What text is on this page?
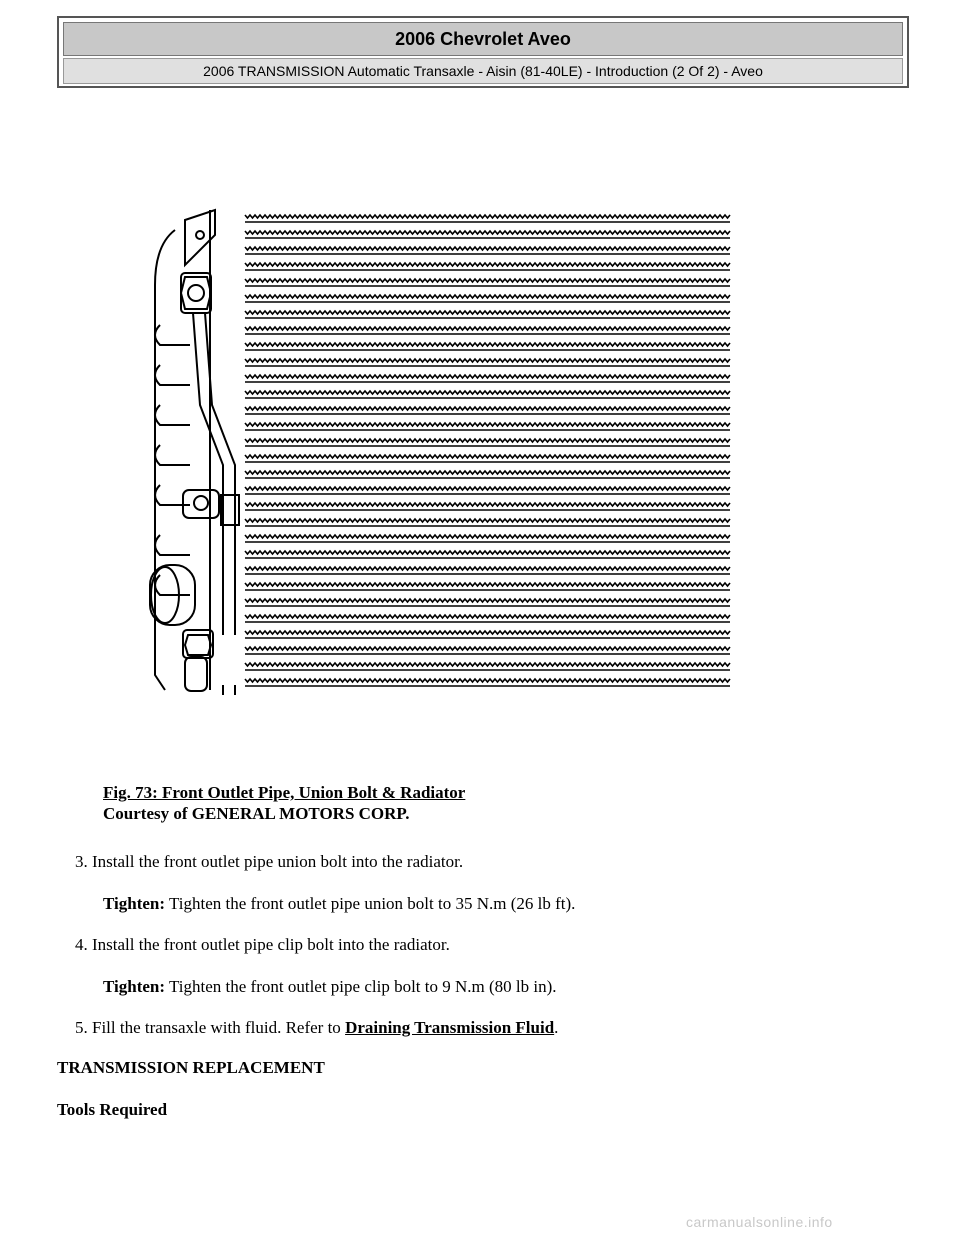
2006 Chevrolet Aveo
2006 TRANSMISSION Automatic Transaxle - Aisin (81-40LE) - Introduction (2 Of 2) - Aveo
Fig. 73: Front Outlet Pipe, Union Bolt & Radiator
Courtesy of GENERAL MOTORS CORP.
3. Install the front outlet pipe union bolt into the radiator.
Tighten: Tighten the front outlet pipe union bolt to 35 N.m (26 lb ft).
4. Install the front outlet pipe clip bolt into the radiator.
Tighten: Tighten the front outlet pipe clip bolt to 9 N.m (80 lb in).
5. Fill the transaxle with fluid. Refer to Draining Transmission Fluid.
TRANSMISSION REPLACEMENT
Tools Required
carmanualsonline.info
